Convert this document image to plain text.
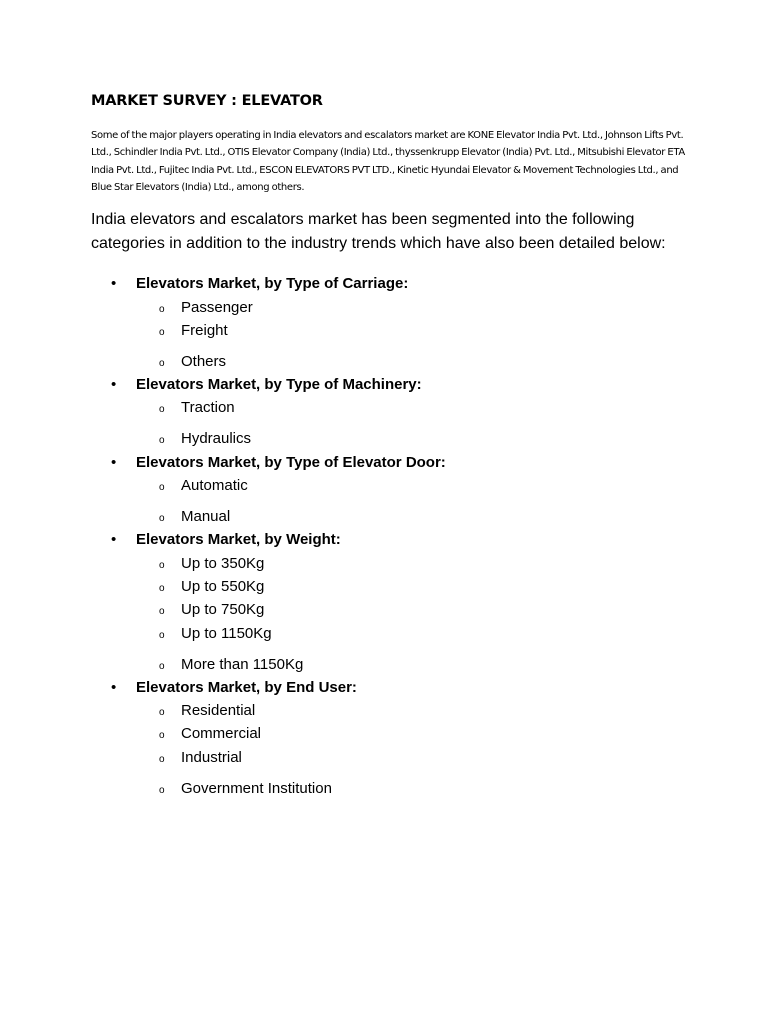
MARKET SURVEY : ELEVATOR
Some of the major players operating in India elevators and escalators market are KONE Elevator India Pvt. Ltd., Johnson Lifts Pvt. Ltd., Schindler India Pvt. Ltd., OTIS Elevator Company (India) Ltd., thyssenkrupp Elevator (India) Pvt. Ltd., Mitsubishi Elevator ETA India Pvt. Ltd., Fujitec India Pvt. Ltd., ESCON ELEVATORS PVT LTD., Kinetic Hyundai Elevator & Movement Technologies Ltd., and Blue Star Elevators (India) Ltd., among others.
India elevators and escalators market has been segmented into the following categories in addition to the industry trends which have also been detailed below:
• Elevators Market, by Type of Carriage:
o Passenger
o Freight
o Others
• Elevators Market, by Type of Machinery:
o Traction
o Hydraulics
• Elevators Market, by Type of Elevator Door:
o Automatic
o Manual
• Elevators Market, by Weight:
o Up to 350Kg
o Up to 550Kg
o Up to 750Kg
o Up to 1150Kg
o More than 1150Kg
• Elevators Market, by End User:
o Residential
o Commercial
o Industrial
o Government Institution
